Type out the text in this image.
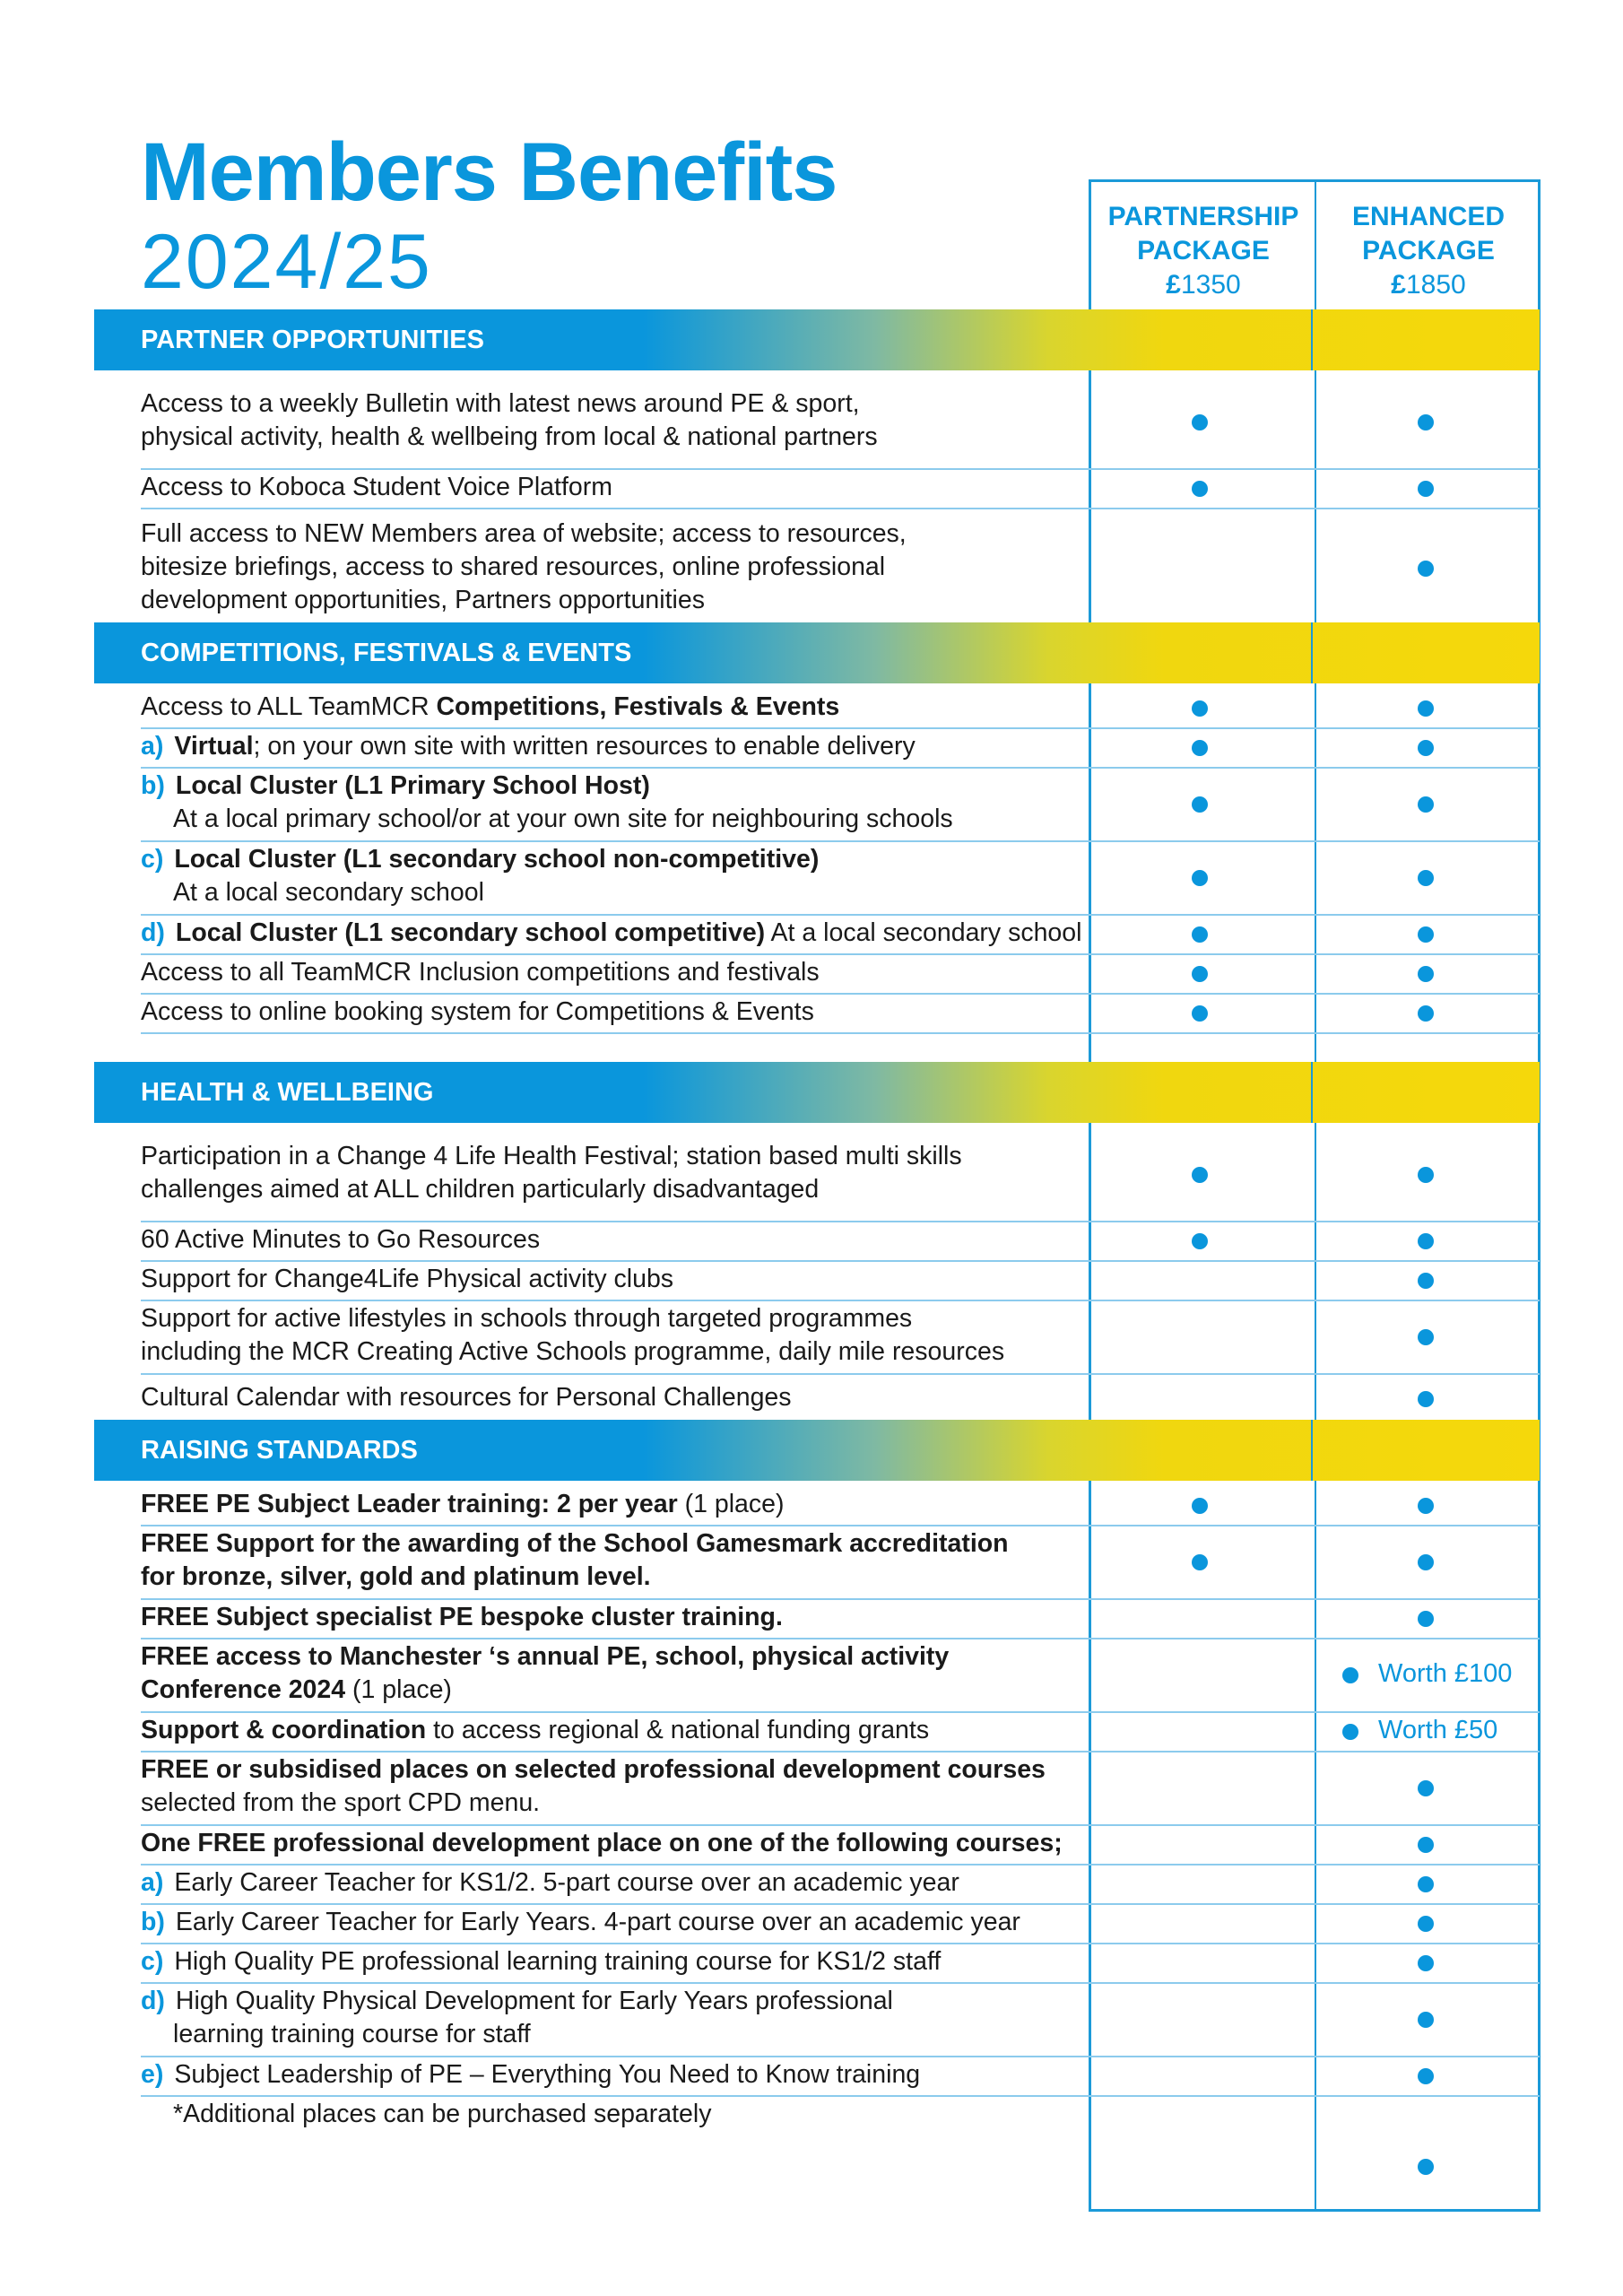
Members Benefits
2024/25
PARTNERSHIP
PACKAGE
£1350
ENHANCED
PACKAGE
£1850
PARTNER OPPORTUNITIES
Access to a weekly Bulletin with latest news around PE & sport,
physical activity, health & wellbeing from local & national partners
Access to Koboca Student Voice Platform
Full access to NEW Members area of website; access to resources,
bitesize briefings, access to shared resources, online professional
development opportunities, Partners opportunities
COMPETITIONS, FESTIVALS & EVENTS
Access to ALL TeamMCR Competitions, Festivals & Events
a) Virtual; on your own site with written resources to enable delivery
b) Local Cluster (L1 Primary School Host)
At a local primary school/or at your own site for neighbouring schools
c) Local Cluster (L1 secondary school non-competitive)
At a local secondary school
d) Local Cluster (L1 secondary school competitive) At a local secondary school
Access to all TeamMCR Inclusion competitions and festivals
Access to online booking system for Competitions & Events
HEALTH & WELLBEING
Participation in a Change 4 Life Health Festival; station based multi skills
challenges aimed at ALL children particularly disadvantaged
60 Active Minutes to Go Resources
Support for Change4Life Physical activity clubs
Support for active lifestyles in schools through targeted programmes
including the MCR Creating Active Schools programme, daily mile resources
Cultural Calendar with resources for Personal Challenges
RAISING STANDARDS
FREE PE Subject Leader training: 2 per year (1 place)
FREE Support for the awarding of the School Gamesmark accreditation
for bronze, silver, gold and platinum level.
FREE Subject specialist PE bespoke cluster training.
FREE access to Manchester ‘s annual PE, school, physical activity
Conference 2024 (1 place)
Worth £100
Support & coordination to access regional & national funding grants	Worth £50
FREE or subsidised places on selected professional development courses
selected from the sport CPD menu.
One FREE professional development place on one of the following courses;
a) Early Career Teacher for KS1/2. 5-part course over an academic year
b) Early Career Teacher for Early Years. 4-part course over an academic year
c) High Quality PE professional learning training course for KS1/2 staff
d) High Quality Physical Development for Early Years professional
learning training course for staff
e) Subject Leadership of PE – Everything You Need to Know training
*Additional places can be purchased separately
